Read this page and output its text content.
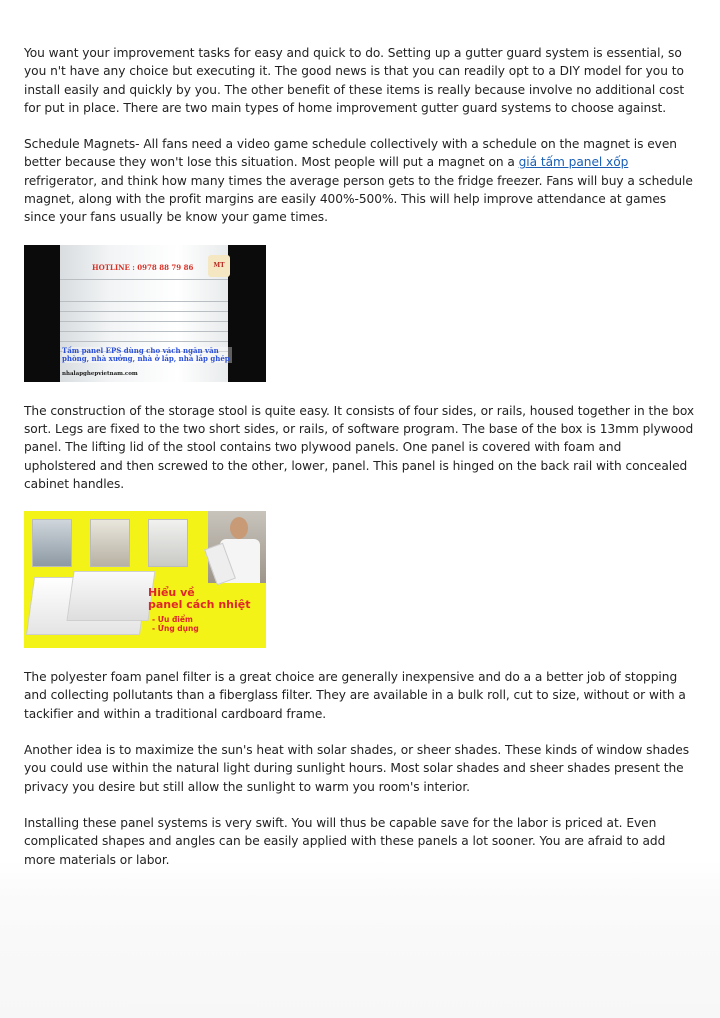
You want your improvement tasks for easy and quick to do. Setting up a gutter guard system is essential, so you n't have any choice but executing it. The good news is that you can readily opt to a DIY model for you to install easily and quickly by you. The other benefit of these items is really because involve no additional cost for put in place. There are two main types of home improvement gutter guard systems to choose against.

Schedule Magnets- All fans need a video game schedule collectively with a schedule on the magnet is even better because they won't lose this situation. Most people will put a magnet on a giá tấm panel xốp refrigerator, and think how many times the average person gets to the fridge freezer. Fans will buy a schedule magnet, along with the profit margins are easily 400%-500%. This will help improve attendance at games since your fans usually be know your game times.

HOTLINE : 0978 88 79 86	MT
Tấm panel EPS dùng cho vách ngăn văn phòng, nhà xưởng, nhà ở lắp, nhà lắp ghép
nhalapghepvietnam.com

The construction of the storage stool is quite easy. It consists of four sides, or rails, housed together in the box sort. Legs are fixed to the two short sides, or rails, of software program. The base of the box is 13mm plywood panel. The lifting lid of the stool contains two plywood panels. One panel is covered with foam and upholstered and then screwed to the other, lower, panel. This panel is hinged on the back rail with concealed cabinet handles.

Hiểu về
panel cách nhiệt
- Ưu điểm
- Ứng dụng

The polyester foam panel filter is a great choice are generally inexpensive and do a a better job of stopping and collecting pollutants than a fiberglass filter. They are available in a bulk roll, cut to size, without or with a tackifier and within a traditional cardboard frame.

Another idea is to maximize the sun's heat with solar shades, or sheer shades. These kinds of window shades you could use within the natural light during sunlight hours. Most solar shades and sheer shades present the privacy you desire but still allow the sunlight to warm you room's interior.

Installing these panel systems is very swift. You will thus be capable save for the labor is priced at. Even complicated shapes and angles can be easily applied with these panels a lot sooner. You are afraid to add more materials or labor.
